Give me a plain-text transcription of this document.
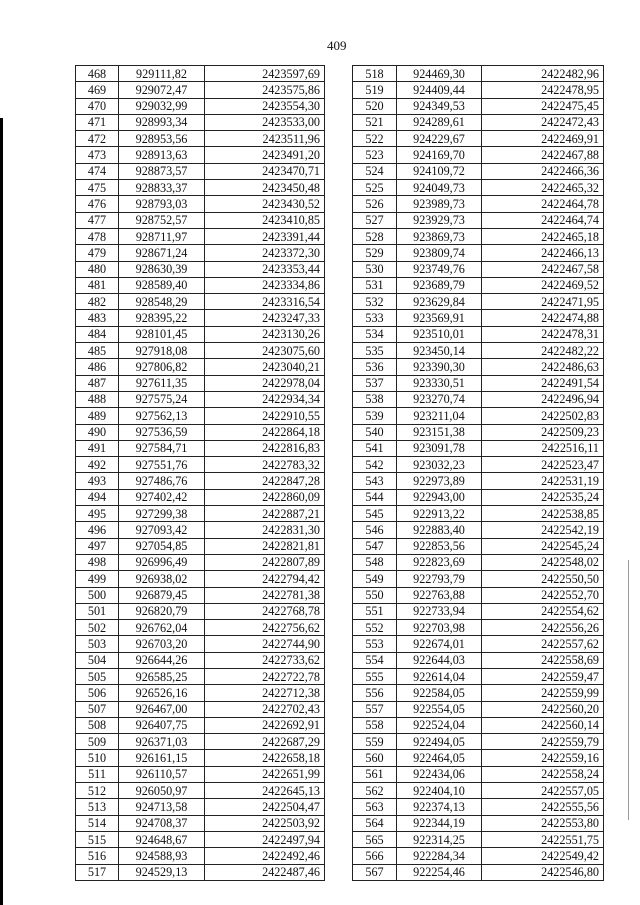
409
468	929111,82	2423597,69
469	929072,47	2423575,86
470	929032,99	2423554,30
471	928993,34	2423533,00
472	928953,56	2423511,96
473	928913,63	2423491,20
474	928873,57	2423470,71
475	928833,37	2423450,48
476	928793,03	2423430,52
477	928752,57	2423410,85
478	928711,97	2423391,44
479	928671,24	2423372,30
480	928630,39	2423353,44
481	928589,40	2423334,86
482	928548,29	2423316,54
483	928395,22	2423247,33
484	928101,45	2423130,26
485	927918,08	2423075,60
486	927806,82	2423040,21
487	927611,35	2422978,04
488	927575,24	2422934,34
489	927562,13	2422910,55
490	927536,59	2422864,18
491	927584,71	2422816,83
492	927551,76	2422783,32
493	927486,76	2422847,28
494	927402,42	2422860,09
495	927299,38	2422887,21
496	927093,42	2422831,30
497	927054,85	2422821,81
498	926996,49	2422807,89
499	926938,02	2422794,42
500	926879,45	2422781,38
501	926820,79	2422768,78
502	926762,04	2422756,62
503	926703,20	2422744,90
504	926644,26	2422733,62
505	926585,25	2422722,78
506	926526,16	2422712,38
507	926467,00	2422702,43
508	926407,75	2422692,91
509	926371,03	2422687,29
510	926161,15	2422658,18
511	926110,57	2422651,99
512	926050,97	2422645,13
513	924713,58	2422504,47
514	924708,37	2422503,92
515	924648,67	2422497,94
516	924588,93	2422492,46
517	924529,13	2422487,46
518	924469,30	2422482,96
519	924409,44	2422478,95
520	924349,53	2422475,45
521	924289,61	2422472,43
522	924229,67	2422469,91
523	924169,70	2422467,88
524	924109,72	2422466,36
525	924049,73	2422465,32
526	923989,73	2422464,78
527	923929,73	2422464,74
528	923869,73	2422465,18
529	923809,74	2422466,13
530	923749,76	2422467,58
531	923689,79	2422469,52
532	923629,84	2422471,95
533	923569,91	2422474,88
534	923510,01	2422478,31
535	923450,14	2422482,22
536	923390,30	2422486,63
537	923330,51	2422491,54
538	923270,74	2422496,94
539	923211,04	2422502,83
540	923151,38	2422509,23
541	923091,78	2422516,11
542	923032,23	2422523,47
543	922973,89	2422531,19
544	922943,00	2422535,24
545	922913,22	2422538,85
546	922883,40	2422542,19
547	922853,56	2422545,24
548	922823,69	2422548,02
549	922793,79	2422550,50
550	922763,88	2422552,70
551	922733,94	2422554,62
552	922703,98	2422556,26
553	922674,01	2422557,62
554	922644,03	2422558,69
555	922614,04	2422559,47
556	922584,05	2422559,99
557	922554,05	2422560,20
558	922524,04	2422560,14
559	922494,05	2422559,79
560	922464,05	2422559,16
561	922434,06	2422558,24
562	922404,10	2422557,05
563	922374,13	2422555,56
564	922344,19	2422553,80
565	922314,25	2422551,75
566	922284,34	2422549,42
567	922254,46	2422546,80
